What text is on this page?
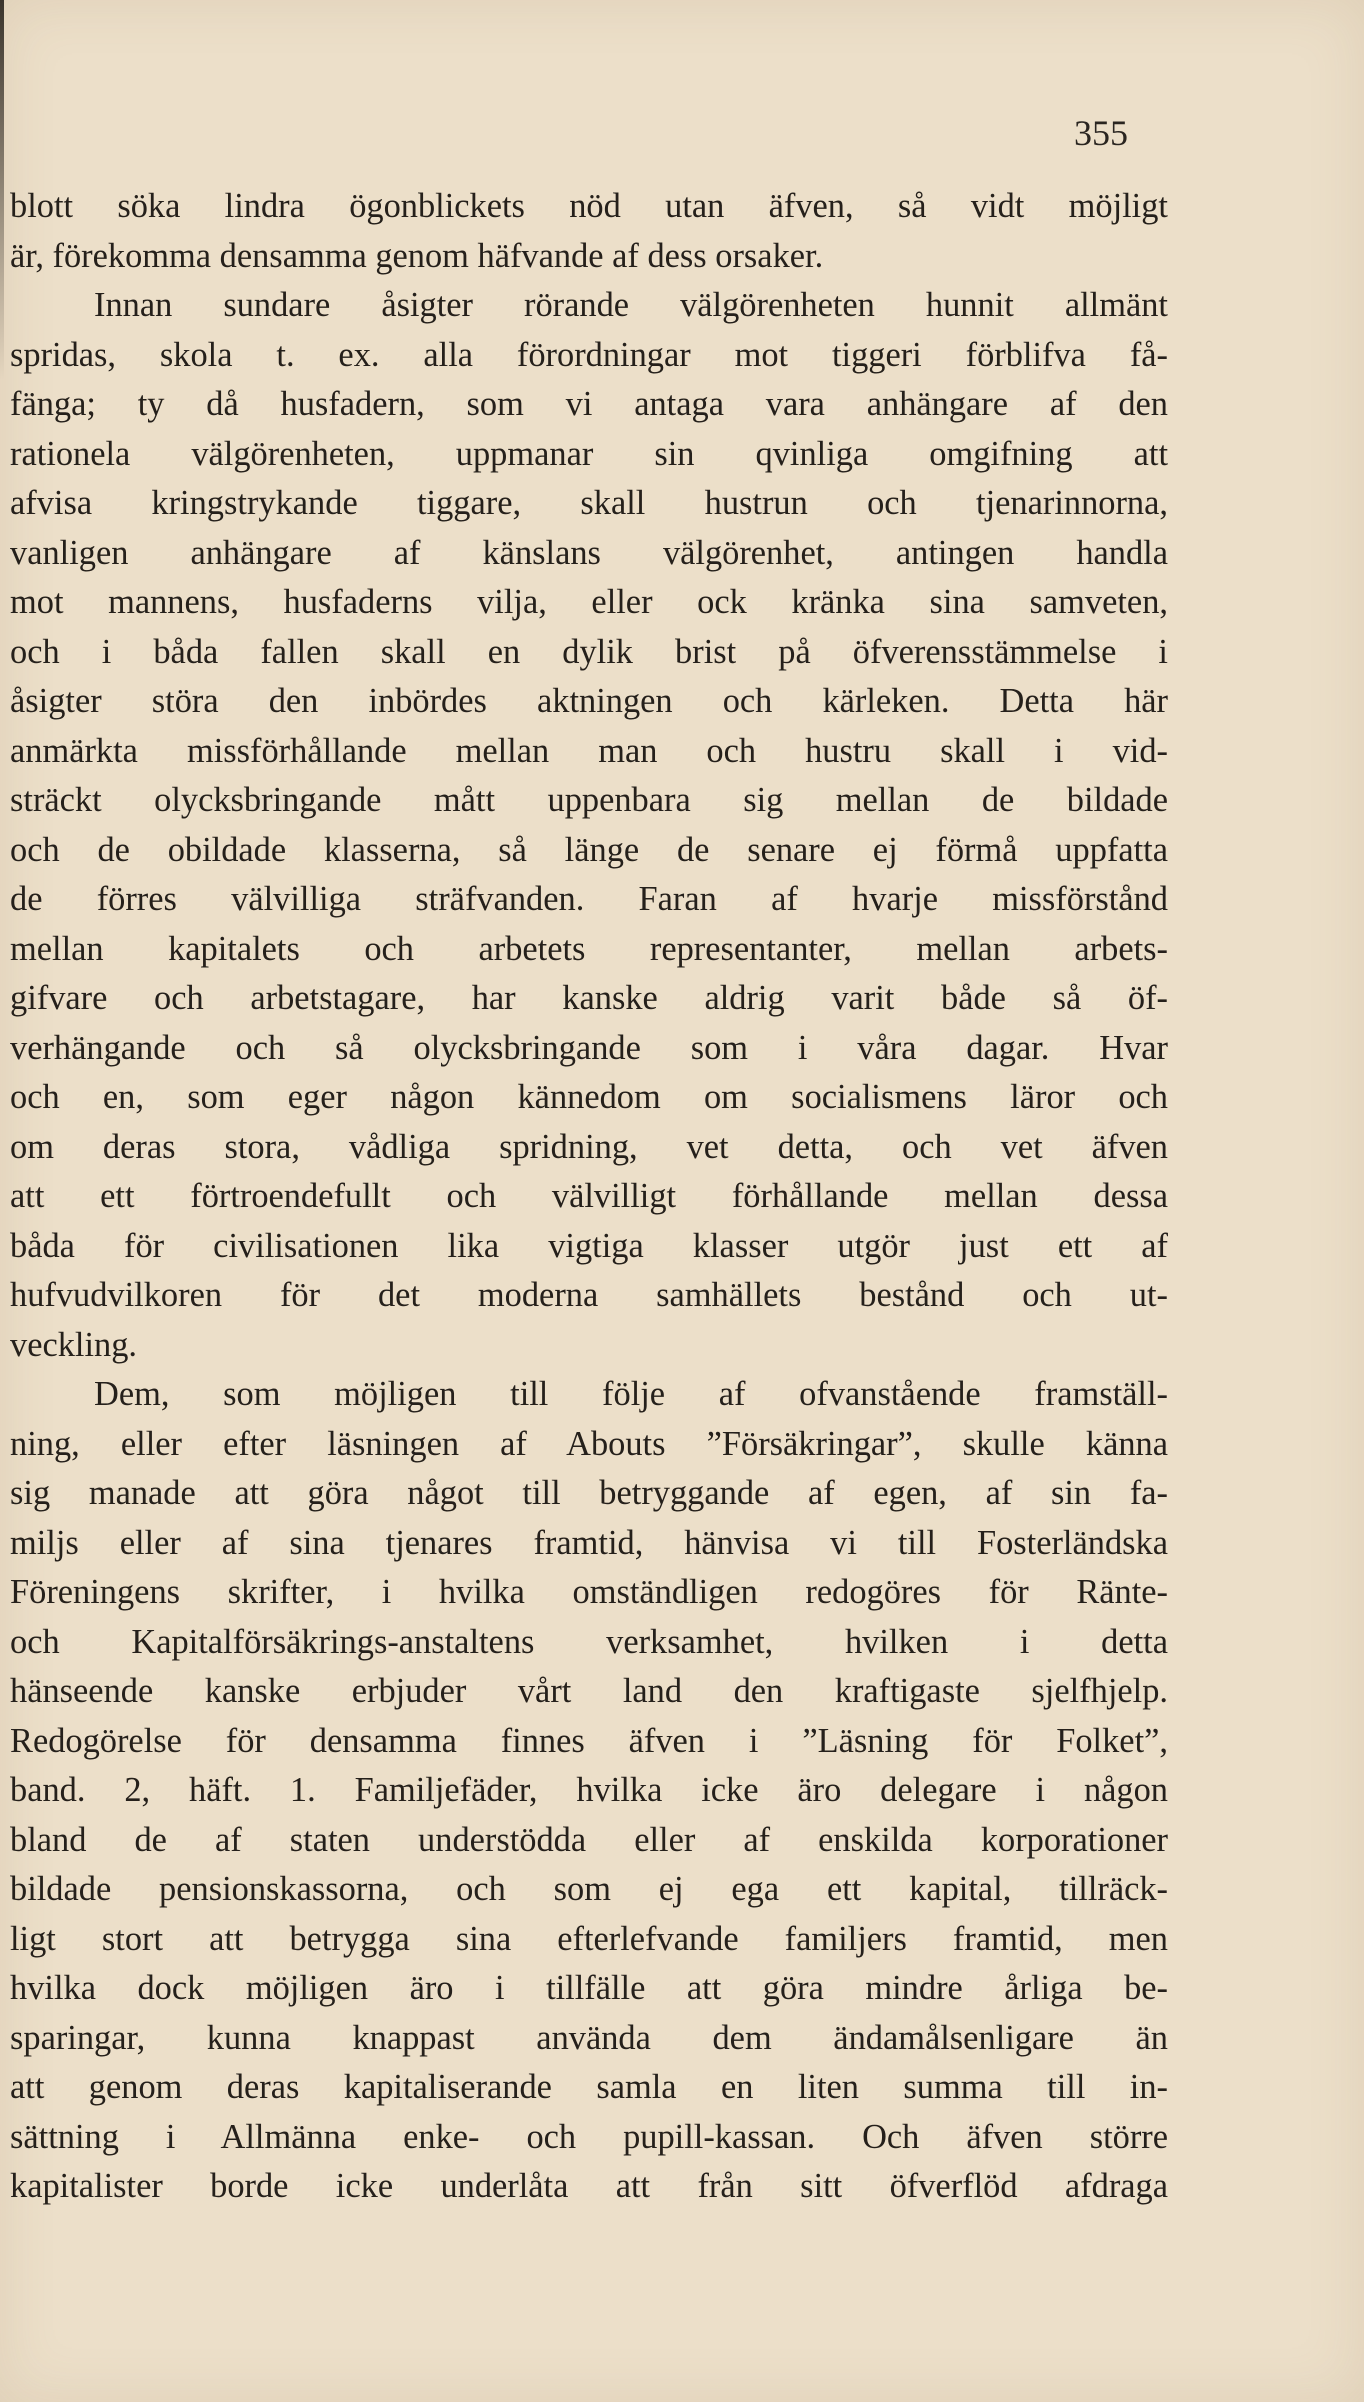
355
blott söka lindra ögonblickets nöd utan äfven, så vidt möjligt
är, förekomma densamma genom häfvande af dess orsaker.
Innan sundare åsigter rörande välgörenheten hunnit allmänt
spridas, skola t. ex. alla förordningar mot tiggeri förblifva få-
fänga; ty då husfadern, som vi antaga vara anhängare af den
rationela välgörenheten, uppmanar sin qvinliga omgifning att
afvisa kringstrykande tiggare, skall hustrun och tjenarinnorna,
vanligen anhängare af känslans välgörenhet, antingen handla
mot mannens, husfaderns vilja, eller ock kränka sina samveten,
och i båda fallen skall en dylik brist på öfverensstämmelse i
åsigter störa den inbördes aktningen och kärleken. Detta här
anmärkta missförhållande mellan man och hustru skall i vid-
sträckt olycksbringande mått uppenbara sig mellan de bildade
och de obildade klasserna, så länge de senare ej förmå uppfatta
de förres välvilliga sträfvanden. Faran af hvarje missförstånd
mellan kapitalets och arbetets representanter, mellan arbets-
gifvare och arbetstagare, har kanske aldrig varit både så öf-
verhängande och så olycksbringande som i våra dagar. Hvar
och en, som eger någon kännedom om socialismens läror och
om deras stora, vådliga spridning, vet detta, och vet äfven
att ett förtroendefullt och välvilligt förhållande mellan dessa
båda för civilisationen lika vigtiga klasser utgör just ett af
hufvudvilkoren för det moderna samhällets bestånd och ut-
veckling.
Dem, som möjligen till följe af ofvanstående framställ-
ning, eller efter läsningen af Abouts ”Försäkringar”, skulle känna
sig manade att göra något till betryggande af egen, af sin fa-
miljs eller af sina tjenares framtid, hänvisa vi till Fosterländska
Föreningens skrifter, i hvilka omständligen redogöres för Ränte-
och Kapitalförsäkrings-anstaltens verksamhet, hvilken i detta
hänseende kanske erbjuder vårt land den kraftigaste sjelfhjelp.
Redogörelse för densamma finnes äfven i ”Läsning för Folket”,
band. 2, häft. 1. Familjefäder, hvilka icke äro delegare i någon
bland de af staten understödda eller af enskilda korporationer
bildade pensionskassorna, och som ej ega ett kapital, tillräck-
ligt stort att betrygga sina efterlefvande familjers framtid, men
hvilka dock möjligen äro i tillfälle att göra mindre årliga be-
sparingar, kunna knappast använda dem ändamålsenligare än
att genom deras kapitaliserande samla en liten summa till in-
sättning i Allmänna enke- och pupill-kassan. Och äfven större
kapitalister borde icke underlåta att från sitt öfverflöd afdraga
